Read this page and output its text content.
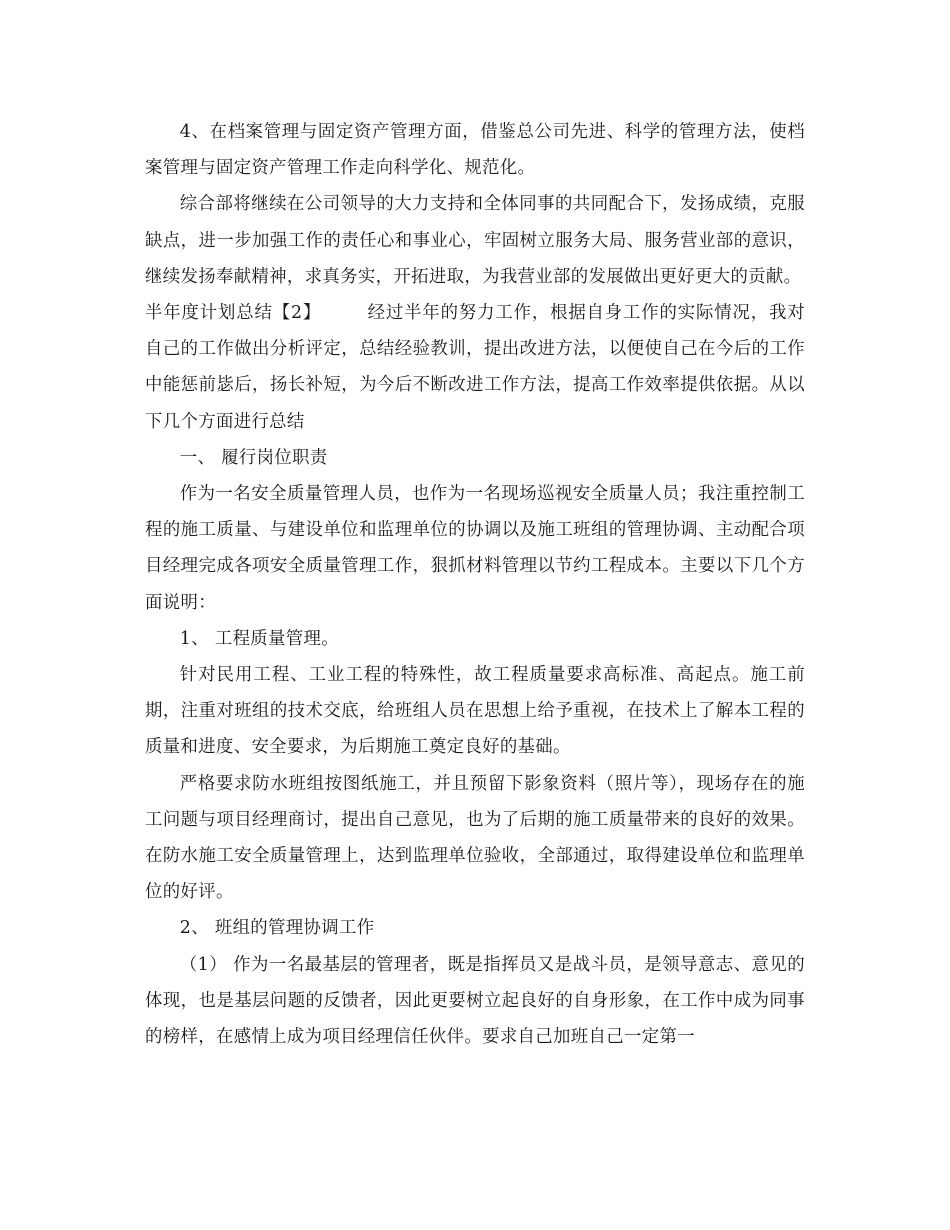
4、在档案管理与固定资产管理方面，借鉴总公司先进、科学的管理方法，使档案管理与固定资产管理工作走向科学化、规范化。

综合部将继续在公司领导的大力支持和全体同事的共同配合下，发扬成绩，克服缺点，进一步加强工作的责任心和事业心，牢固树立服务大局、服务营业部的意识，继续发扬奉献精神，求真务实，开拓进取，为我营业部的发展做出更好更大的贡献。

半年度计划总结【2】	经过半年的努力工作，根据自身工作的实际情况，我对自己的工作做出分析评定，总结经验教训，提出改进方法，以便使自己在今后的工作中能惩前毖后，扬长补短，为今后不断改进工作方法，提高工作效率提供依据。从以下几个方面进行总结

一、 履行岗位职责

作为一名安全质量管理人员，也作为一名现场巡视安全质量人员；我注重控制工程的施工质量、与建设单位和监理单位的协调以及施工班组的管理协调、主动配合项目经理完成各项安全质量管理工作，狠抓材料管理以节约工程成本。主要以下几个方面说明：

1、 工程质量管理。

针对民用工程、工业工程的特殊性，故工程质量要求高标准、高起点。施工前期，注重对班组的技术交底，给班组人员在思想上给予重视，在技术上了解本工程的质量和进度、安全要求，为后期施工奠定良好的基础。

严格要求防水班组按图纸施工，并且预留下影象资料（照片等），现场存在的施工问题与项目经理商讨，提出自己意见，也为了后期的施工质量带来的良好的效果。在防水施工安全质量管理上，达到监理单位验收，全部通过，取得建设单位和监理单位的好评。

2、 班组的管理协调工作

（1） 作为一名最基层的管理者，既是指挥员又是战斗员，是领导意志、意见的体现，也是基层问题的反馈者，因此更要树立起良好的自身形象，在工作中成为同事的榜样，在感情上成为项目经理信任伙伴。要求自己加班自己一定第一
